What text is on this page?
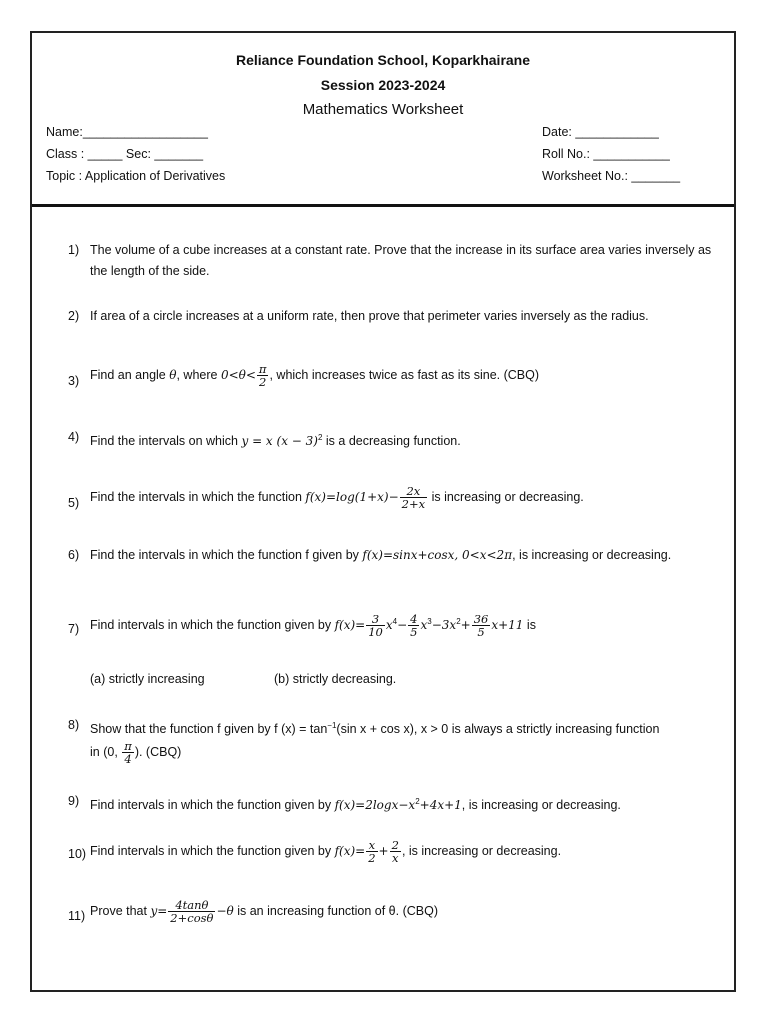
Reliance Foundation School, Koparkhairane
Session 2023-2024
Mathematics Worksheet
Name:__________________
Class : _____ Sec: _______
Topic : Application of Derivatives
Date: ____________
Roll No.: ___________
Worksheet No.: _______
1) The volume of a cube increases at a constant rate. Prove that the increase in its surface area varies inversely as the length of the side.
2) If area of a circle increases at a uniform rate, then prove that perimeter varies inversely as the radius.
3) Find an angle θ, where $0<\theta< \frac{\pi}{2}$ , which increases twice as fast as its sine. (CBQ)
4) Find the intervals on which y = x $(x - 3)^2$ is a decreasing function.
5) Find the intervals in which the function $f(x)=\log(1+x)- \frac{2x}{2+x}$ is increasing or decreasing.
6) Find the intervals in which the function f given by f(x)=sinx+cosx, 0<x<2π, is increasing or decreasing.
7) Find intervals in which the function given by $f(x)= \frac{3}{10} x^4- \frac{4}{5} x^3-3x^2+ \frac{36}{5} x+11$ is
(a) strictly increasing	(b) strictly decreasing.
8) Show that the function f given by f $(x) = \tan^{-1}(\sin$ x + cos x), x > 0 is always a strictly increasing function
in (0, $\frac{\pi}{4}$ ). (CBQ)
9) Find intervals in which the function given by $f(x)=2\log x-x^2+4x+1$, is increasing or decreasing.
10) Find intervals in which the function given by $f(x)= \frac{x}{2} + \frac{2}{x}$ , is increasing or decreasing.
11) Prove that $y= \frac{4\tan\theta}{2+\cos\theta} -\theta$ is an increasing function of θ. (CBQ)
